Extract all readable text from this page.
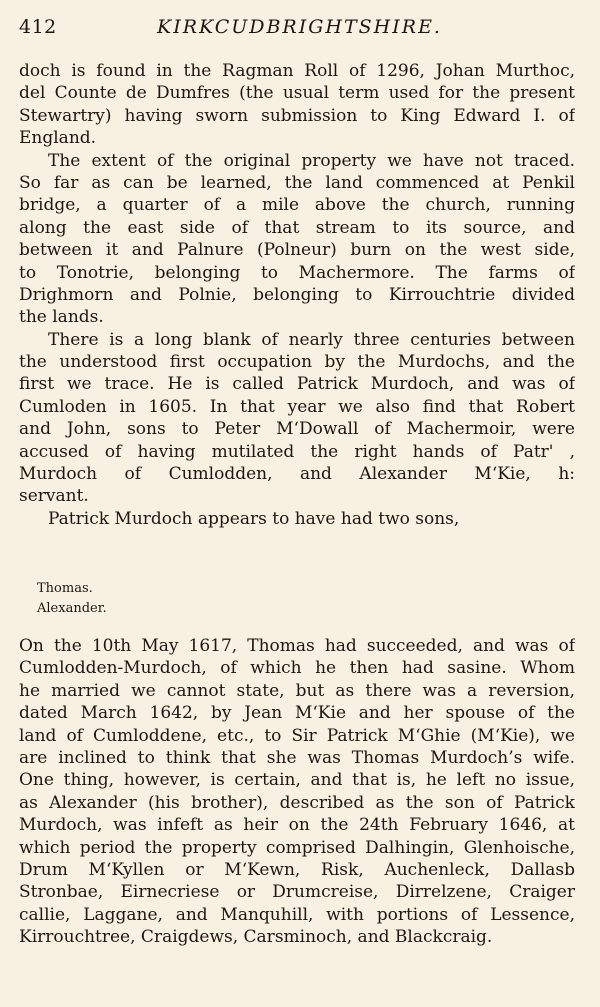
412	KIRKCUDBRIGHTSHIRE.
doch is found in the Ragman Roll of 1296, Johan Murthoc,
del Counte de Dumfres (the usual term used for the present
Stewartry) having sworn submission to King Edward I. of
England.
The extent of the original property we have not traced.
So far as can be learned, the land commenced at Penkil
bridge, a quarter of a mile above the church, running
along the east side of that stream to its source, and
between it and Palnure (Polneur) burn on the west side,
to Tonotrie, belonging to Machermore. The farms of
Drighmorn and Polnie, belonging to Kirrouchtrie divided
the lands.
There is a long blank of nearly three centuries between
the understood first occupation by the Murdochs, and the
first we trace. He is called Patrick Murdoch, and was of
Cumloden in 1605. In that year we also find that Robert
and John, sons to Peter M‘Dowall of Machermoir, were
accused of having mutilated the right hands of Patr' ,
Murdoch of Cumlodden, and Alexander M‘Kie, h:
servant.
Patrick Murdoch appears to have had two sons,
Thomas.
Alexander.
On the 10th May 1617, Thomas had succeeded, and was of
Cumlodden-Murdoch, of which he then had sasine. Whom
he married we cannot state, but as there was a reversion,
dated March 1642, by Jean M‘Kie and her spouse of the
land of Cumloddene, etc., to Sir Patrick M‘Ghie (M‘Kie), we
are inclined to think that she was Thomas Murdoch’s wife.
One thing, however, is certain, and that is, he left no issue,
as Alexander (his brother), described as the son of Patrick
Murdoch, was infeft as heir on the 24th February 1646, at
which period the property comprised Dalhingin, Glenhoische,
Drum M‘Kyllen or M‘Kewn, Risk, Auchenleck, Dallasb
Stronbae, Eirnecriese or Drumcreise, Dirrelzene, Craiger
callie, Laggane, and Manquhill, with portions of Lessence,
Kirrouchtree, Craigdews, Carsminoch, and Blackcraig.
